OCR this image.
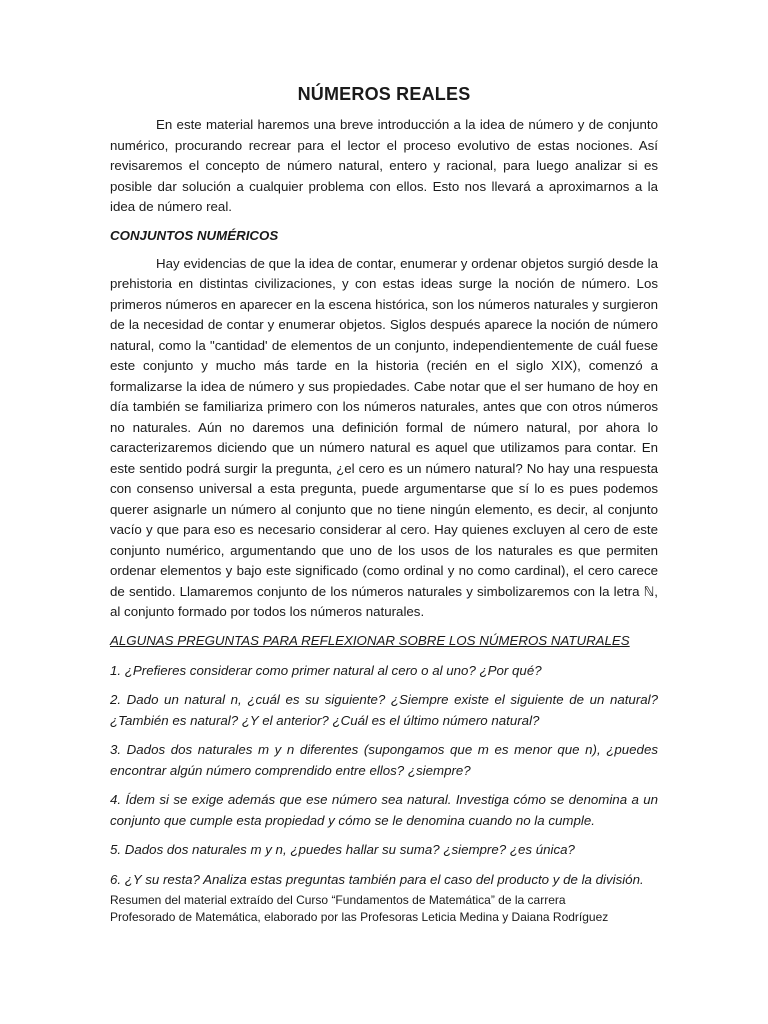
NÚMEROS REALES

En este material haremos una breve introducción a la idea de número y de conjunto numérico, procurando recrear para el lector el proceso evolutivo de estas nociones. Así revisaremos el concepto de número natural, entero y racional, para luego analizar si es posible dar solución a cualquier problema con ellos. Esto nos llevará a aproximarnos a la idea de número real.

CONJUNTOS NUMÉRICOS

Hay evidencias de que la idea de contar, enumerar y ordenar objetos surgió desde la prehistoria en distintas civilizaciones, y con estas ideas surge la noción de número. Los primeros números en aparecer en la escena histórica, son los números naturales y surgieron de la necesidad de contar y enumerar objetos. Siglos después aparece la noción de número natural, como la "cantidad' de elementos de un conjunto, independientemente de cuál fuese este conjunto y mucho más tarde en la historia (recién en el siglo XIX), comenzó a formalizarse la idea de número y sus propiedades. Cabe notar que el ser humano de hoy en día también se familiariza primero con los números naturales, antes que con otros números no naturales. Aún no daremos una definición formal de número natural, por ahora lo caracterizaremos diciendo que un número natural es aquel que utilizamos para contar. En este sentido podrá surgir la pregunta, ¿el cero es un número natural? No hay una respuesta con consenso universal a esta pregunta, puede argumentarse que sí lo es pues podemos querer asignarle un número al conjunto que no tiene ningún elemento, es decir, al conjunto vacío y que para eso es necesario considerar al cero. Hay quienes excluyen al cero de este conjunto numérico, argumentando que uno de los usos de los naturales es que permiten ordenar elementos y bajo este significado (como ordinal y no como cardinal), el cero carece de sentido. Llamaremos conjunto de los números naturales y simbolizaremos con la letra ℕ, al conjunto formado por todos los números naturales.

ALGUNAS PREGUNTAS PARA REFLEXIONAR SOBRE LOS NÚMEROS NATURALES

1. ¿Prefieres considerar como primer natural al cero o al uno? ¿Por qué?

2. Dado un natural n, ¿cuál es su siguiente? ¿Siempre existe el siguiente de un natural? ¿También es natural? ¿Y el anterior? ¿Cuál es el último número natural?

3. Dados dos naturales m y n diferentes (supongamos que m es menor que n), ¿puedes encontrar algún número comprendido entre ellos? ¿siempre?

4. Ídem si se exige además que ese número sea natural. Investiga cómo se denomina a un conjunto que cumple esta propiedad y cómo se le denomina cuando no la cumple.

5. Dados dos naturales m y n, ¿puedes hallar su suma? ¿siempre? ¿es única?

6. ¿Y su resta? Analiza estas preguntas también para el caso del producto y de la división.

Resumen del material extraído del Curso “Fundamentos de Matemática” de la carrera
Profesorado de Matemática, elaborado por las Profesoras Leticia Medina y Daiana Rodríguez
